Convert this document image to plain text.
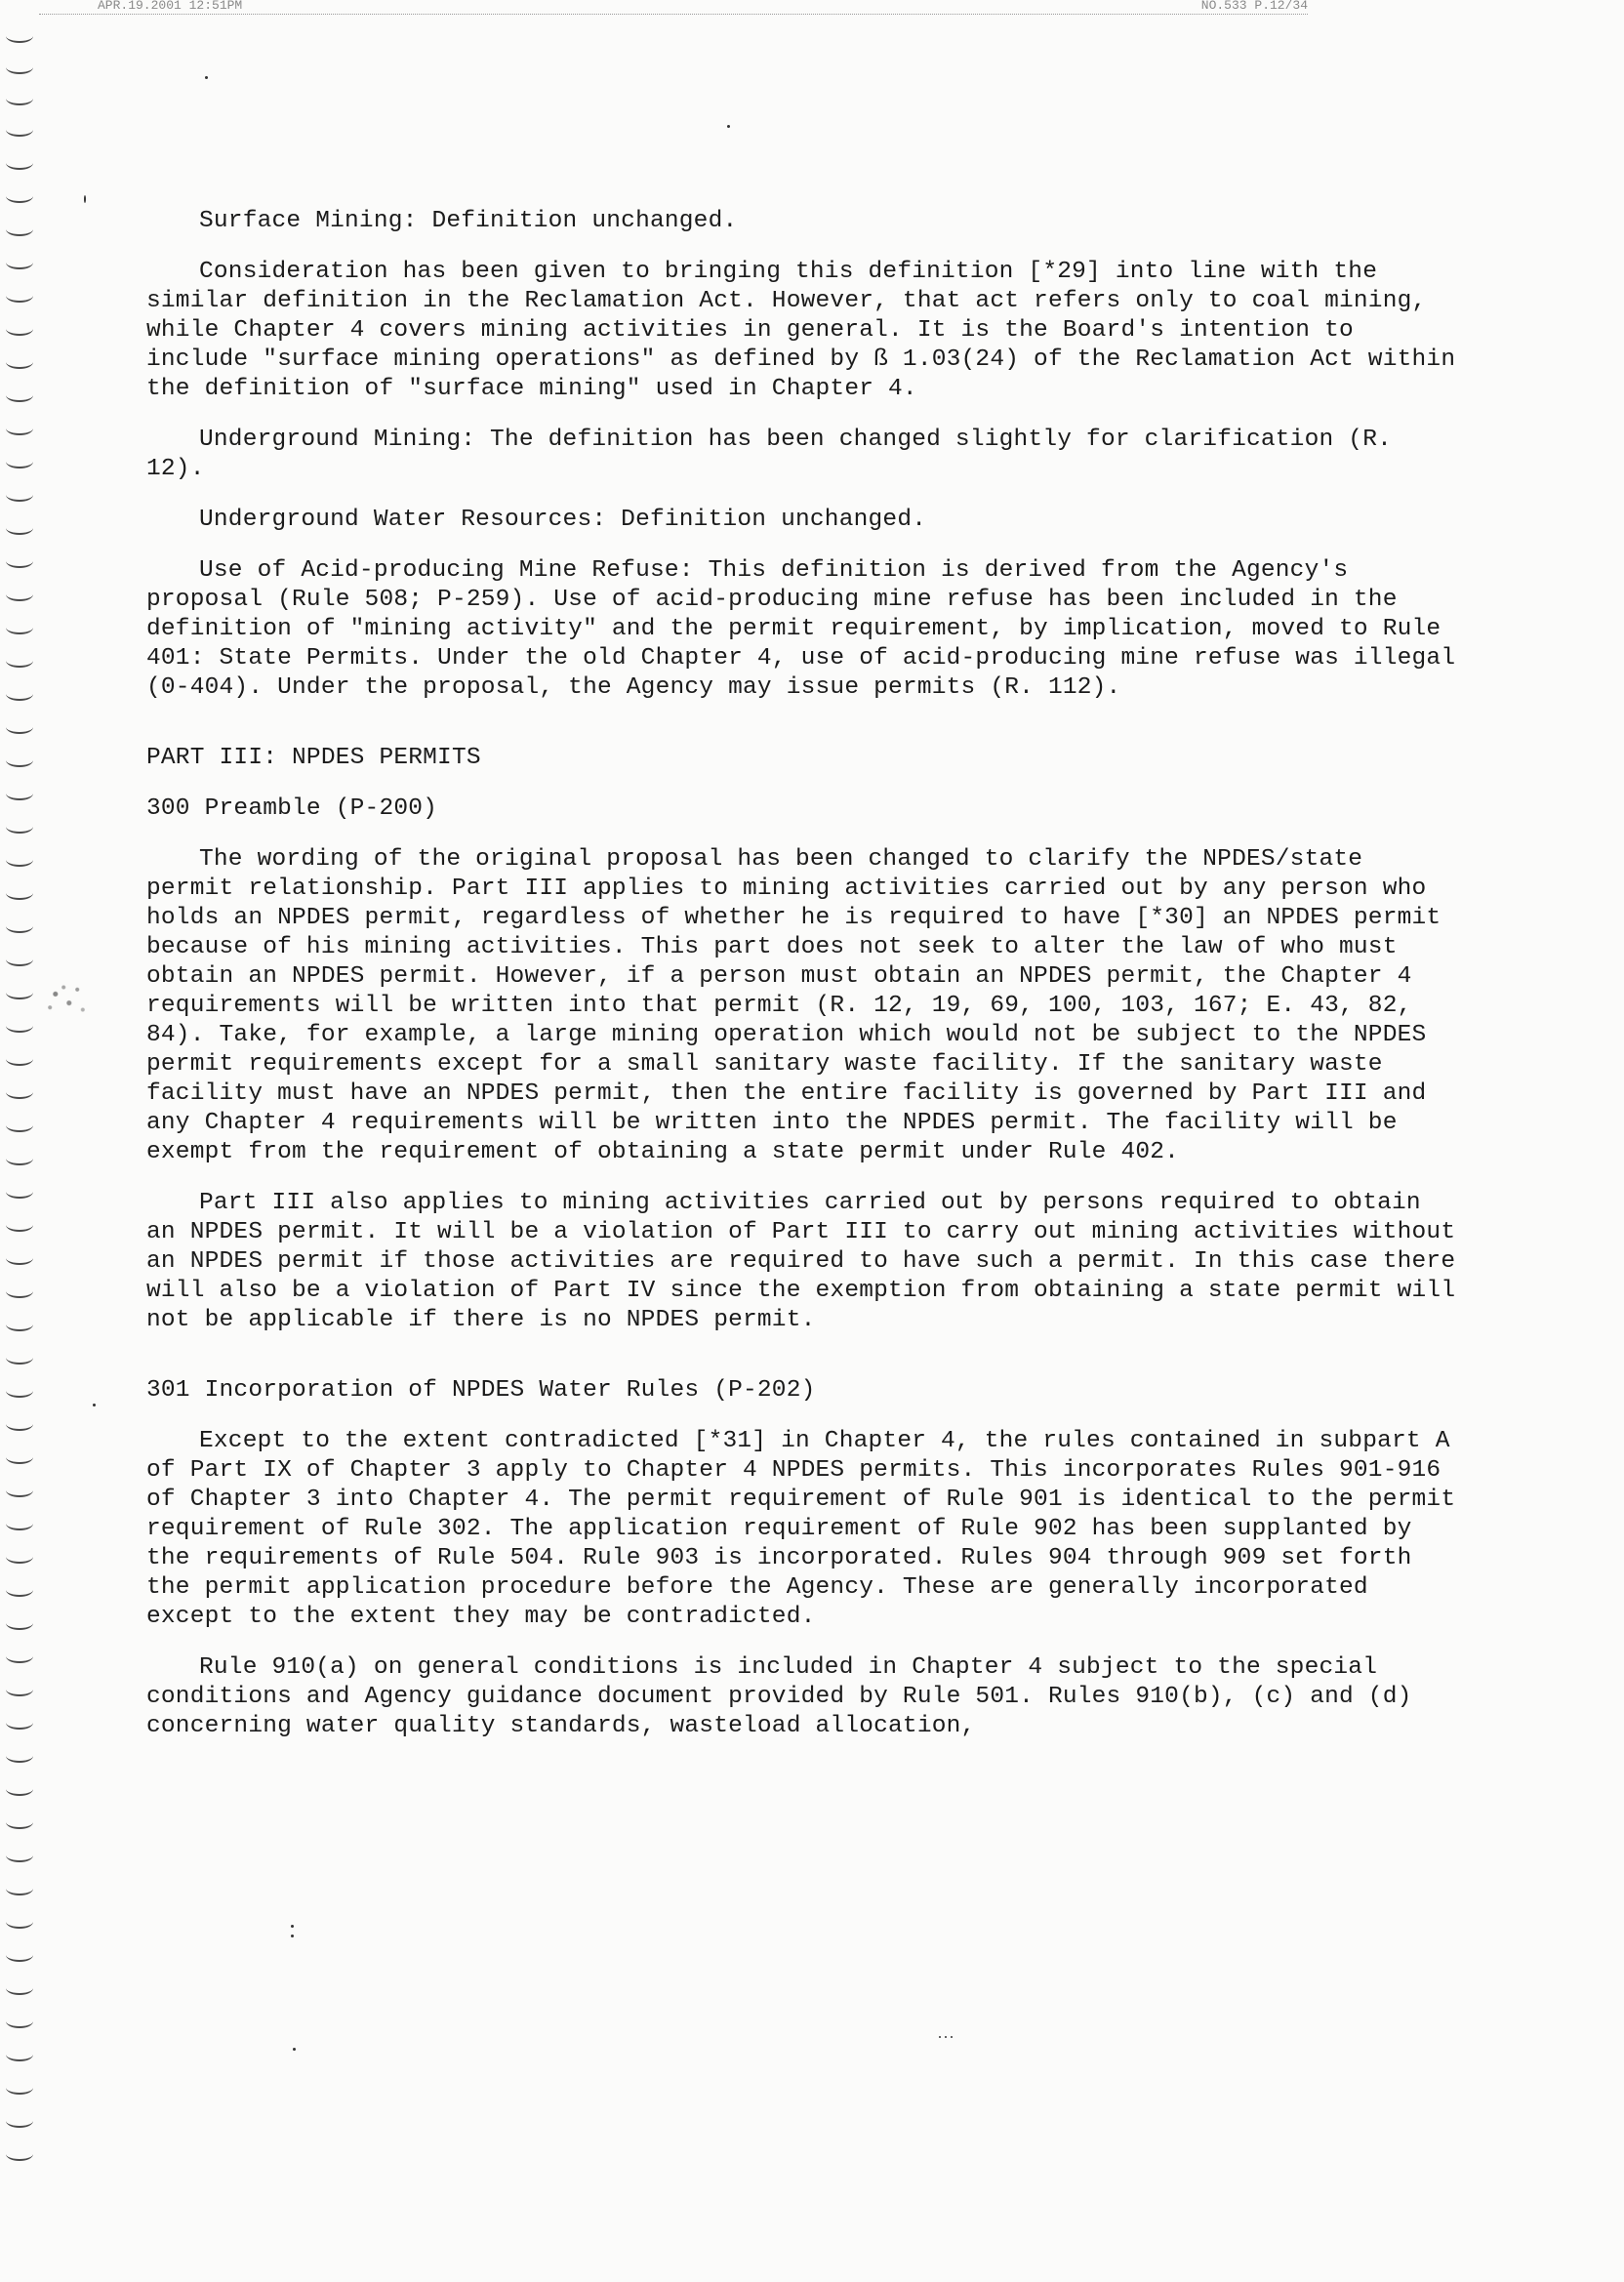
APR.19.2001 12:51PM	NO.533 P.12/34

Surface Mining: Definition unchanged.

Consideration has been given to bringing this definition [*29] into line with the similar definition in the Reclamation Act. However, that act refers only to coal mining, while Chapter 4 covers mining activities in general. It is the Board's intention to include "surface mining operations" as defined by ß 1.03(24) of the Reclamation Act within the definition of "surface mining" used in Chapter 4.

Underground Mining: The definition has been changed slightly for clarification (R. 12).

Underground Water Resources: Definition unchanged.

Use of Acid-producing Mine Refuse: This definition is derived from the Agency's proposal (Rule 508; P-259). Use of acid-producing mine refuse has been included in the definition of "mining activity" and the permit requirement, by implication, moved to Rule 401: State Permits. Under the old Chapter 4, use of acid-producing mine refuse was illegal (0-404). Under the proposal, the Agency may issue permits (R. 112).

PART III: NPDES PERMITS

300 Preamble (P-200)

The wording of the original proposal has been changed to clarify the NPDES/state permit relationship. Part III applies to mining activities carried out by any person who holds an NPDES permit, regardless of whether he is required to have [*30] an NPDES permit because of his mining activities. This part does not seek to alter the law of who must obtain an NPDES permit. However, if a person must obtain an NPDES permit, the Chapter 4 requirements will be written into that permit (R. 12, 19, 69, 100, 103, 167; E. 43, 82, 84). Take, for example, a large mining operation which would not be subject to the NPDES permit requirements except for a small sanitary waste facility. If the sanitary waste facility must have an NPDES permit, then the entire facility is governed by Part III and any Chapter 4 requirements will be written into the NPDES permit. The facility will be exempt from the requirement of obtaining a state permit under Rule 402.

Part III also applies to mining activities carried out by persons required to obtain an NPDES permit. It will be a violation of Part III to carry out mining activities without an NPDES permit if those activities are required to have such a permit. In this case there will also be a violation of Part IV since the exemption from obtaining a state permit will not be applicable if there is no NPDES permit.

301 Incorporation of NPDES Water Rules (P-202)

Except to the extent contradicted [*31] in Chapter 4, the rules contained in subpart A of Part IX of Chapter 3 apply to Chapter 4 NPDES permits. This incorporates Rules 901-916 of Chapter 3 into Chapter 4. The permit requirement of Rule 901 is identical to the permit requirement of Rule 302. The application requirement of Rule 902 has been supplanted by the requirements of Rule 504. Rule 903 is incorporated. Rules 904 through 909 set forth the permit application procedure before the Agency. These are generally incorporated except to the extent they may be contradicted.

Rule 910(a) on general conditions is included in Chapter 4 subject to the special conditions and Agency guidance document provided by Rule 501. Rules 910(b), (c) and (d) concerning water quality standards, wasteload allocation,
